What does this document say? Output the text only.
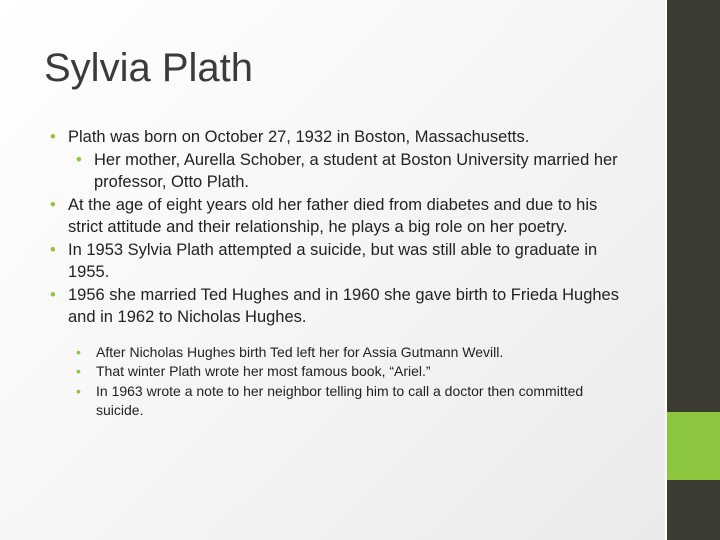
Sylvia Plath
• Plath was born on October 27, 1932 in Boston, Massachusetts.
• Her mother, Aurella Schober, a student at Boston University married her professor, Otto Plath.
• At the age of eight years old her father died from diabetes and due to his strict attitude and their relationship, he plays a big role on her poetry.
• In 1953 Sylvia Plath attempted a suicide, but was still able to graduate in 1955.
• 1956 she married Ted Hughes and in 1960 she gave birth to Frieda Hughes and in 1962 to Nicholas Hughes.
• After Nicholas Hughes birth Ted left her for Assia Gutmann Wevill.
• That winter Plath wrote her most famous book, “Ariel.”
• In 1963 wrote a note to her neighbor telling him to call a doctor then committed suicide.
